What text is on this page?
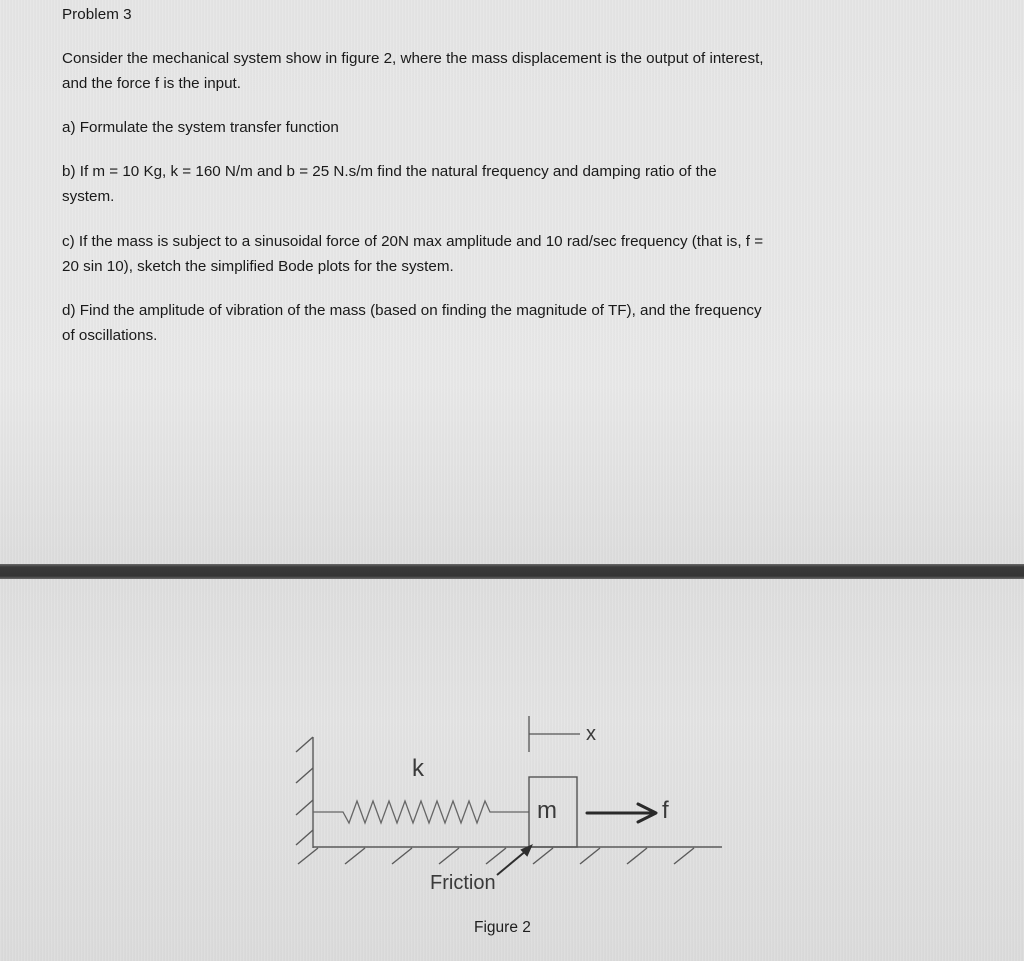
Problem 3
Consider the mechanical system show in figure 2, where the mass displacement is the output of interest,
and the force f is the input.
a) Formulate the system transfer function
b) If m = 10 Kg, k = 160 N/m and b = 25 N.s/m find the natural frequency and damping ratio of the
system.
c) If the mass is subject to a sinusoidal force of 20N max amplitude and 10 rad/sec frequency (that is, f =
20 sin 10), sketch the simplified Bode plots for the system.
d) Find the amplitude of vibration of the mass (based on finding the magnitude of TF), and the frequency
of oscillations.
k
m
x
f
Friction
Figure 2
